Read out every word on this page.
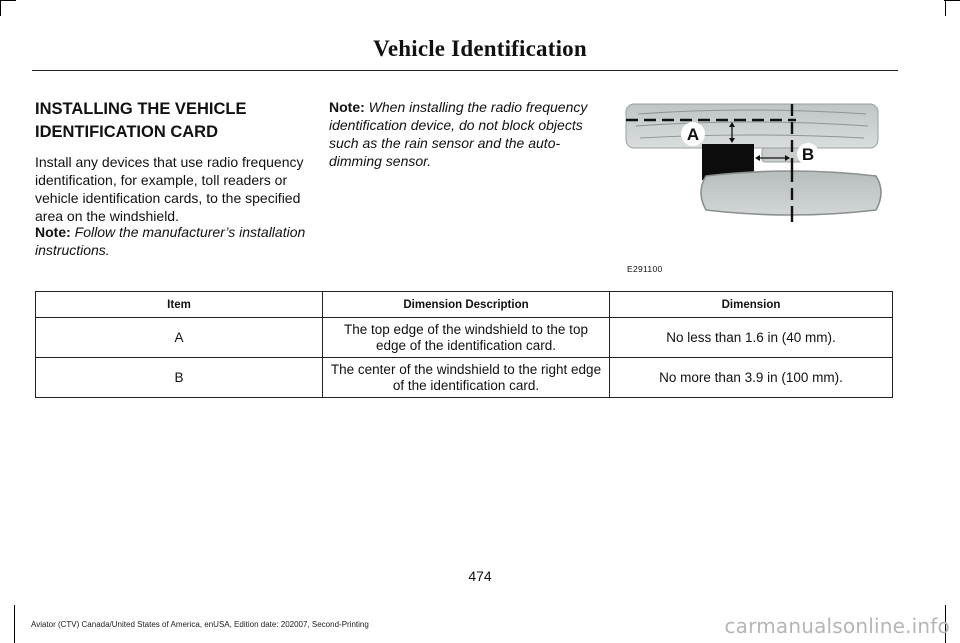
Vehicle Identification
INSTALLING THE VEHICLE
IDENTIFICATION CARD

Install any devices that use radio frequency identification, for example, toll readers or vehicle identification cards, to the specified area on the windshield.

Note: Follow the manufacturer’s installation instructions.

Note: When installing the radio frequency identification device, do not block objects such as the rain sensor and the auto-dimming sensor.

A
B
E291100
Item	Dimension Description	Dimension
A	The top edge of the windshield to the top edge of the identification card.	No less than 1.6 in (40 mm).
B	The center of the windshield to the right edge of the identification card.	No more than 3.9 in (100 mm).
474
Aviator (CTV) Canada/United States of America, enUSA, Edition date: 202007, Second-Printing	carmanualsonline.info
